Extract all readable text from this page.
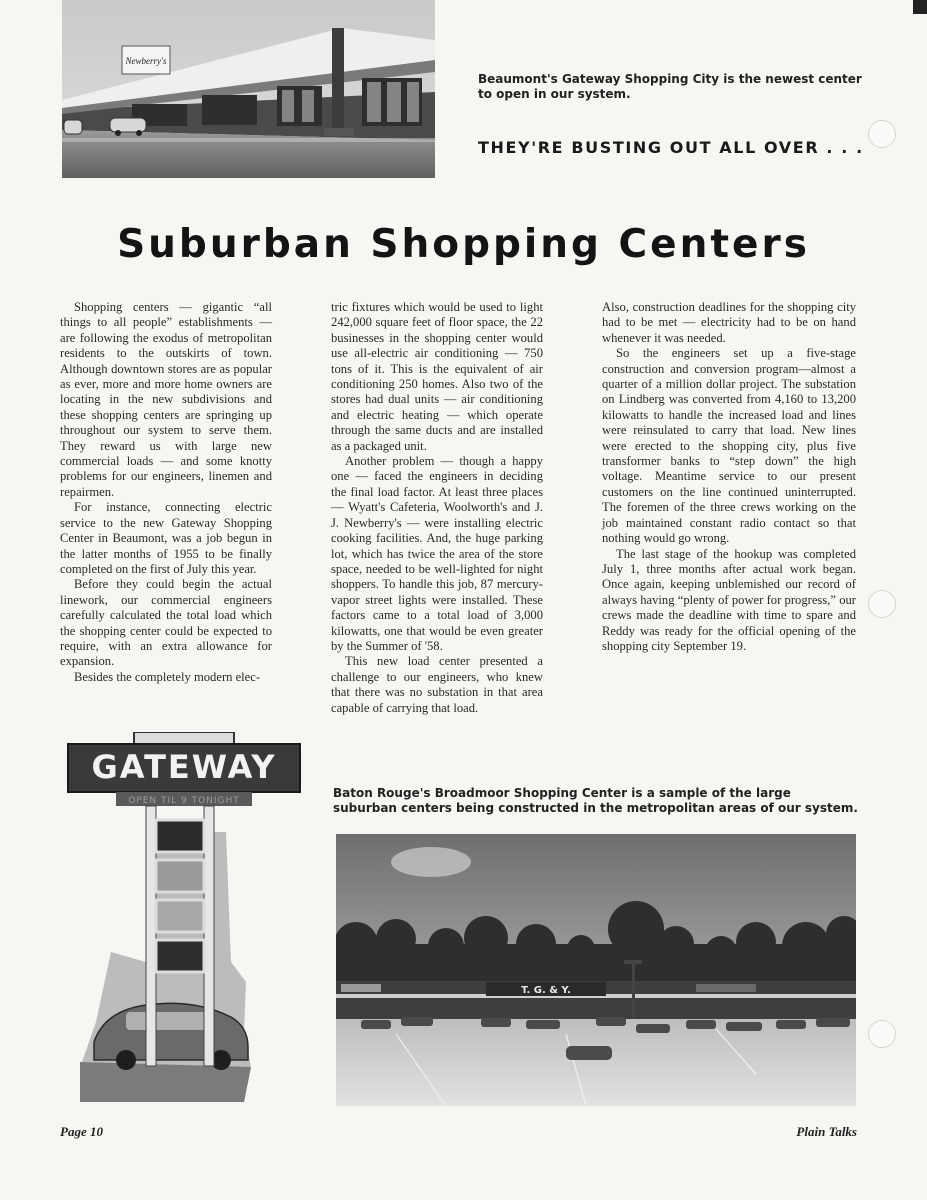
Newberry's
Beaumont's Gateway Shopping City is the newest center to open in our system.
THEY'RE BUSTING OUT ALL OVER . . .
Suburban Shopping Centers

Shopping centers — gigantic “all things to all people” establishments — are following the exodus of metropolitan residents to the outskirts of town. Although downtown stores are as popular as ever, more and more home owners are locating in the new subdivisions and these shopping centers are springing up throughout our system to serve them. They reward us with large new commercial loads — and some knotty problems for our engineers, linemen and repairmen.

For instance, connecting electric service to the new Gateway Shopping Center in Beaumont, was a job begun in the latter months of 1955 to be finally completed on the first of July this year.

Before they could begin the actual linework, our commercial engineers carefully calculated the total load which the shopping center could be expected to require, with an extra allowance for expansion.

Besides the completely modern elec-

tric fixtures which would be used to light 242,000 square feet of floor space, the 22 businesses in the shopping center would use all-electric air conditioning — 750 tons of it. This is the equivalent of air conditioning 250 homes. Also two of the stores had dual units — air conditioning and electric heating — which operate through the same ducts and are installed as a packaged unit.

Another problem — though a happy one — faced the engineers in deciding the final load factor. At least three places — Wyatt's Cafeteria, Woolworth's and J. J. Newberry's — were installing electric cooking facilities. And, the huge parking lot, which has twice the area of the store space, needed to be well-lighted for night shoppers. To handle this job, 87 mercury-vapor street lights were installed. These factors came to a total load of 3,000 kilowatts, one that would be even greater by the Summer of '58.

This new load center presented a challenge to our engineers, who knew that there was no substation in that area capable of carrying that load.

Also, construction deadlines for the shopping city had to be met — electricity had to be on hand whenever it was needed.

So the engineers set up a five-stage construction and conversion program—almost a quarter of a million dollar project. The substation on Lindberg was converted from 4,160 to 13,200 kilowatts to handle the increased load and lines were reinsulated to carry that load. New lines were erected to the shopping city, plus five transformer banks to “step down” the high voltage. Meantime service to our present customers on the line continued uninterrupted. The foremen of the three crews working on the job maintained constant radio contact so that nothing would go wrong.

The last stage of the hookup was completed July 1, three months after actual work began. Once again, keeping unblemished our record of always having “plenty of power for progress,” our crews made the deadline with time to spare and Reddy was ready for the official opening of the shopping city September 19.

GATEWAY
OPEN TIL 9 TONIGHT
Baton Rouge's Broadmoor Shopping Center is a sample of the large suburban centers being constructed in the metropolitan areas of our system.
T. G. & Y.
Page 10	Plain Talks
